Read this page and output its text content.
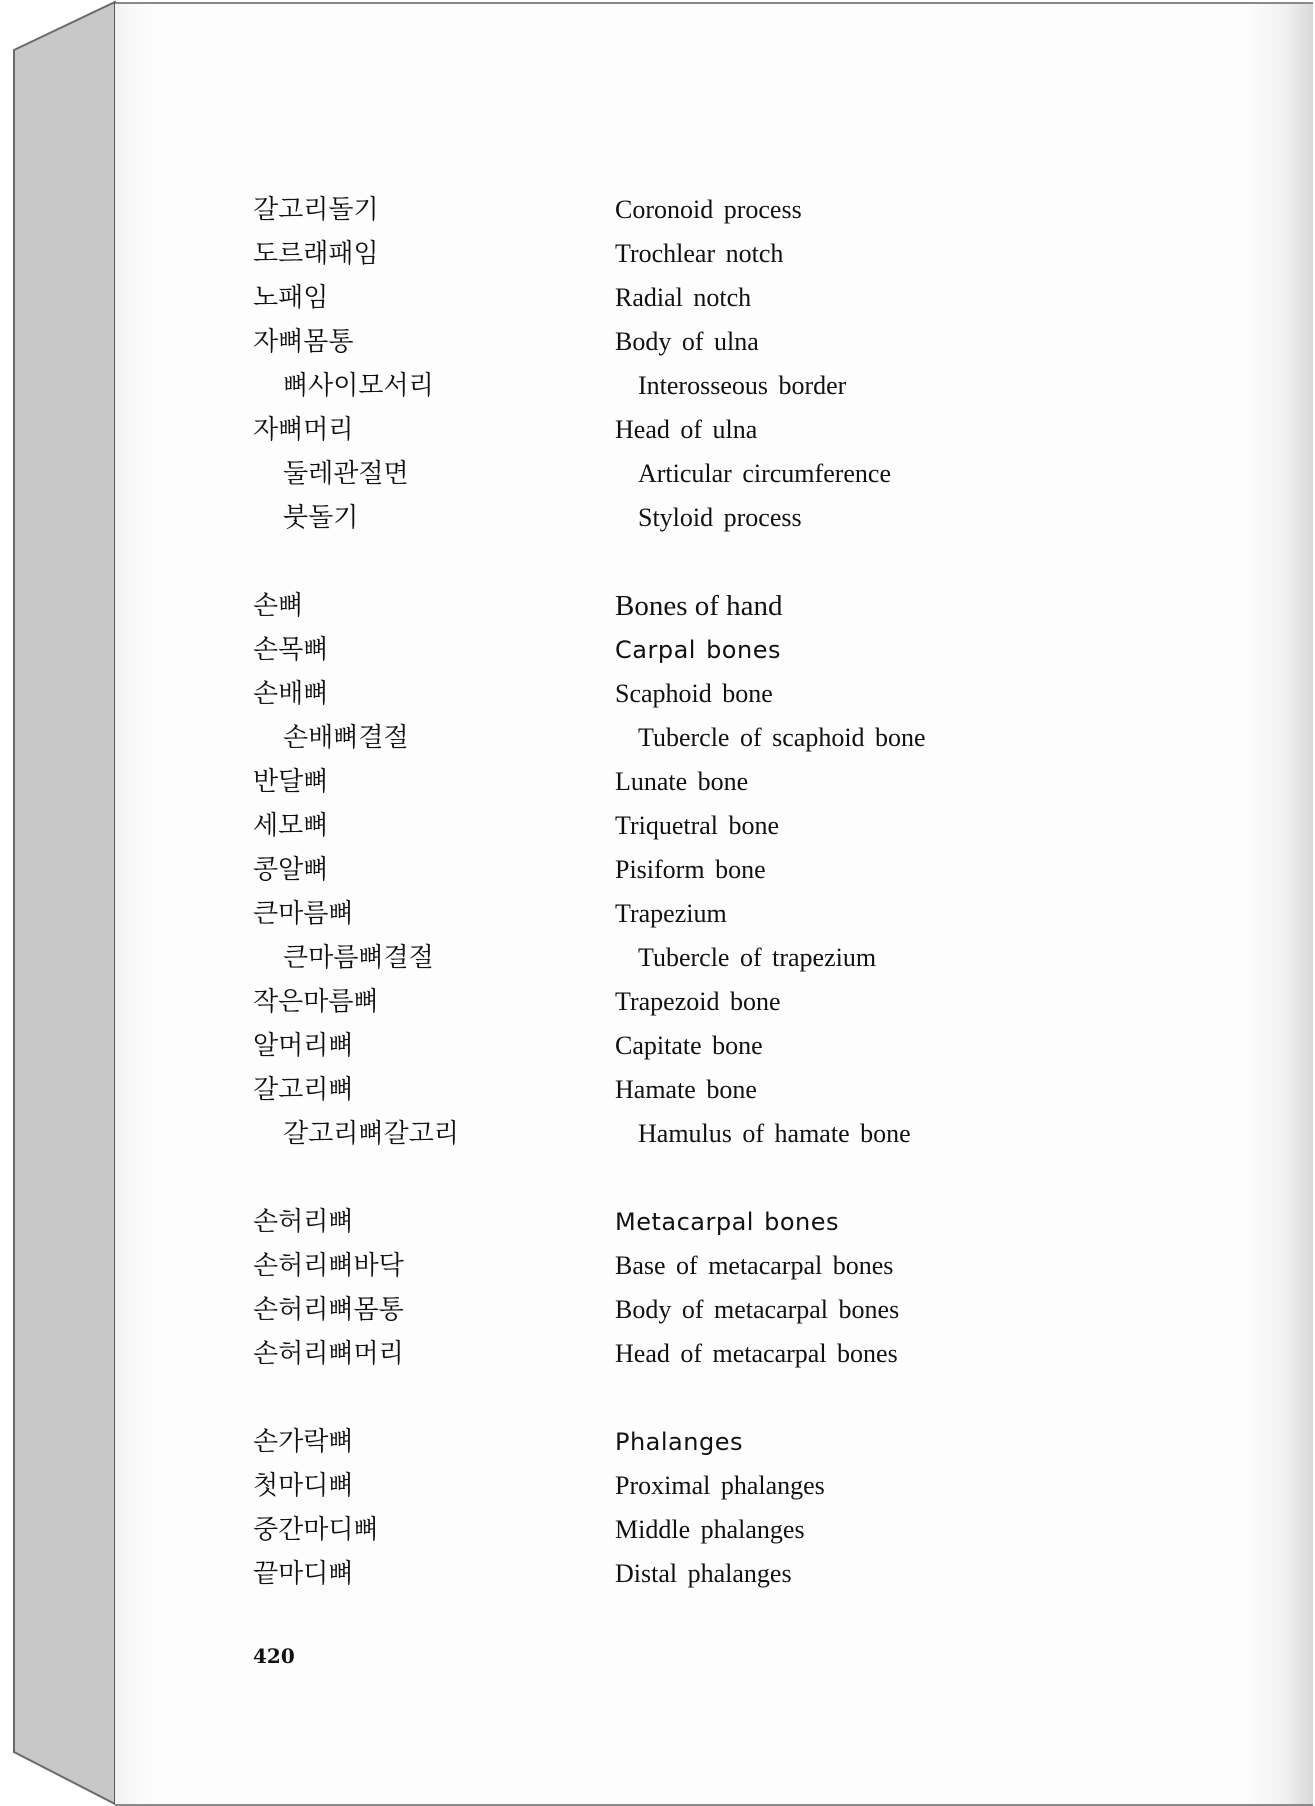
갈고리돌기	Coronoid process
도르래패임	Trochlear notch
노패임	Radial notch
자뼈몸통	Body of ulna
뼈사이모서리	Interosseous border
자뼈머리	Head of ulna
둘레관절면	Articular circumference
붓돌기	Styloid process
손뼈	Bones of hand
손목뼈	Carpal bones
손배뼈	Scaphoid bone
손배뼈결절	Tubercle of scaphoid bone
반달뼈	Lunate bone
세모뼈	Triquetral bone
콩알뼈	Pisiform bone
큰마름뼈	Trapezium
큰마름뼈결절	Tubercle of trapezium
작은마름뼈	Trapezoid bone
알머리뼈	Capitate bone
갈고리뼈	Hamate bone
갈고리뼈갈고리	Hamulus of hamate bone
손허리뼈	Metacarpal bones
손허리뼈바닥	Base of metacarpal bones
손허리뼈몸통	Body of metacarpal bones
손허리뼈머리	Head of metacarpal bones
손가락뼈	Phalanges
첫마디뼈	Proximal phalanges
중간마디뼈	Middle phalanges
끝마디뼈	Distal phalanges
420
